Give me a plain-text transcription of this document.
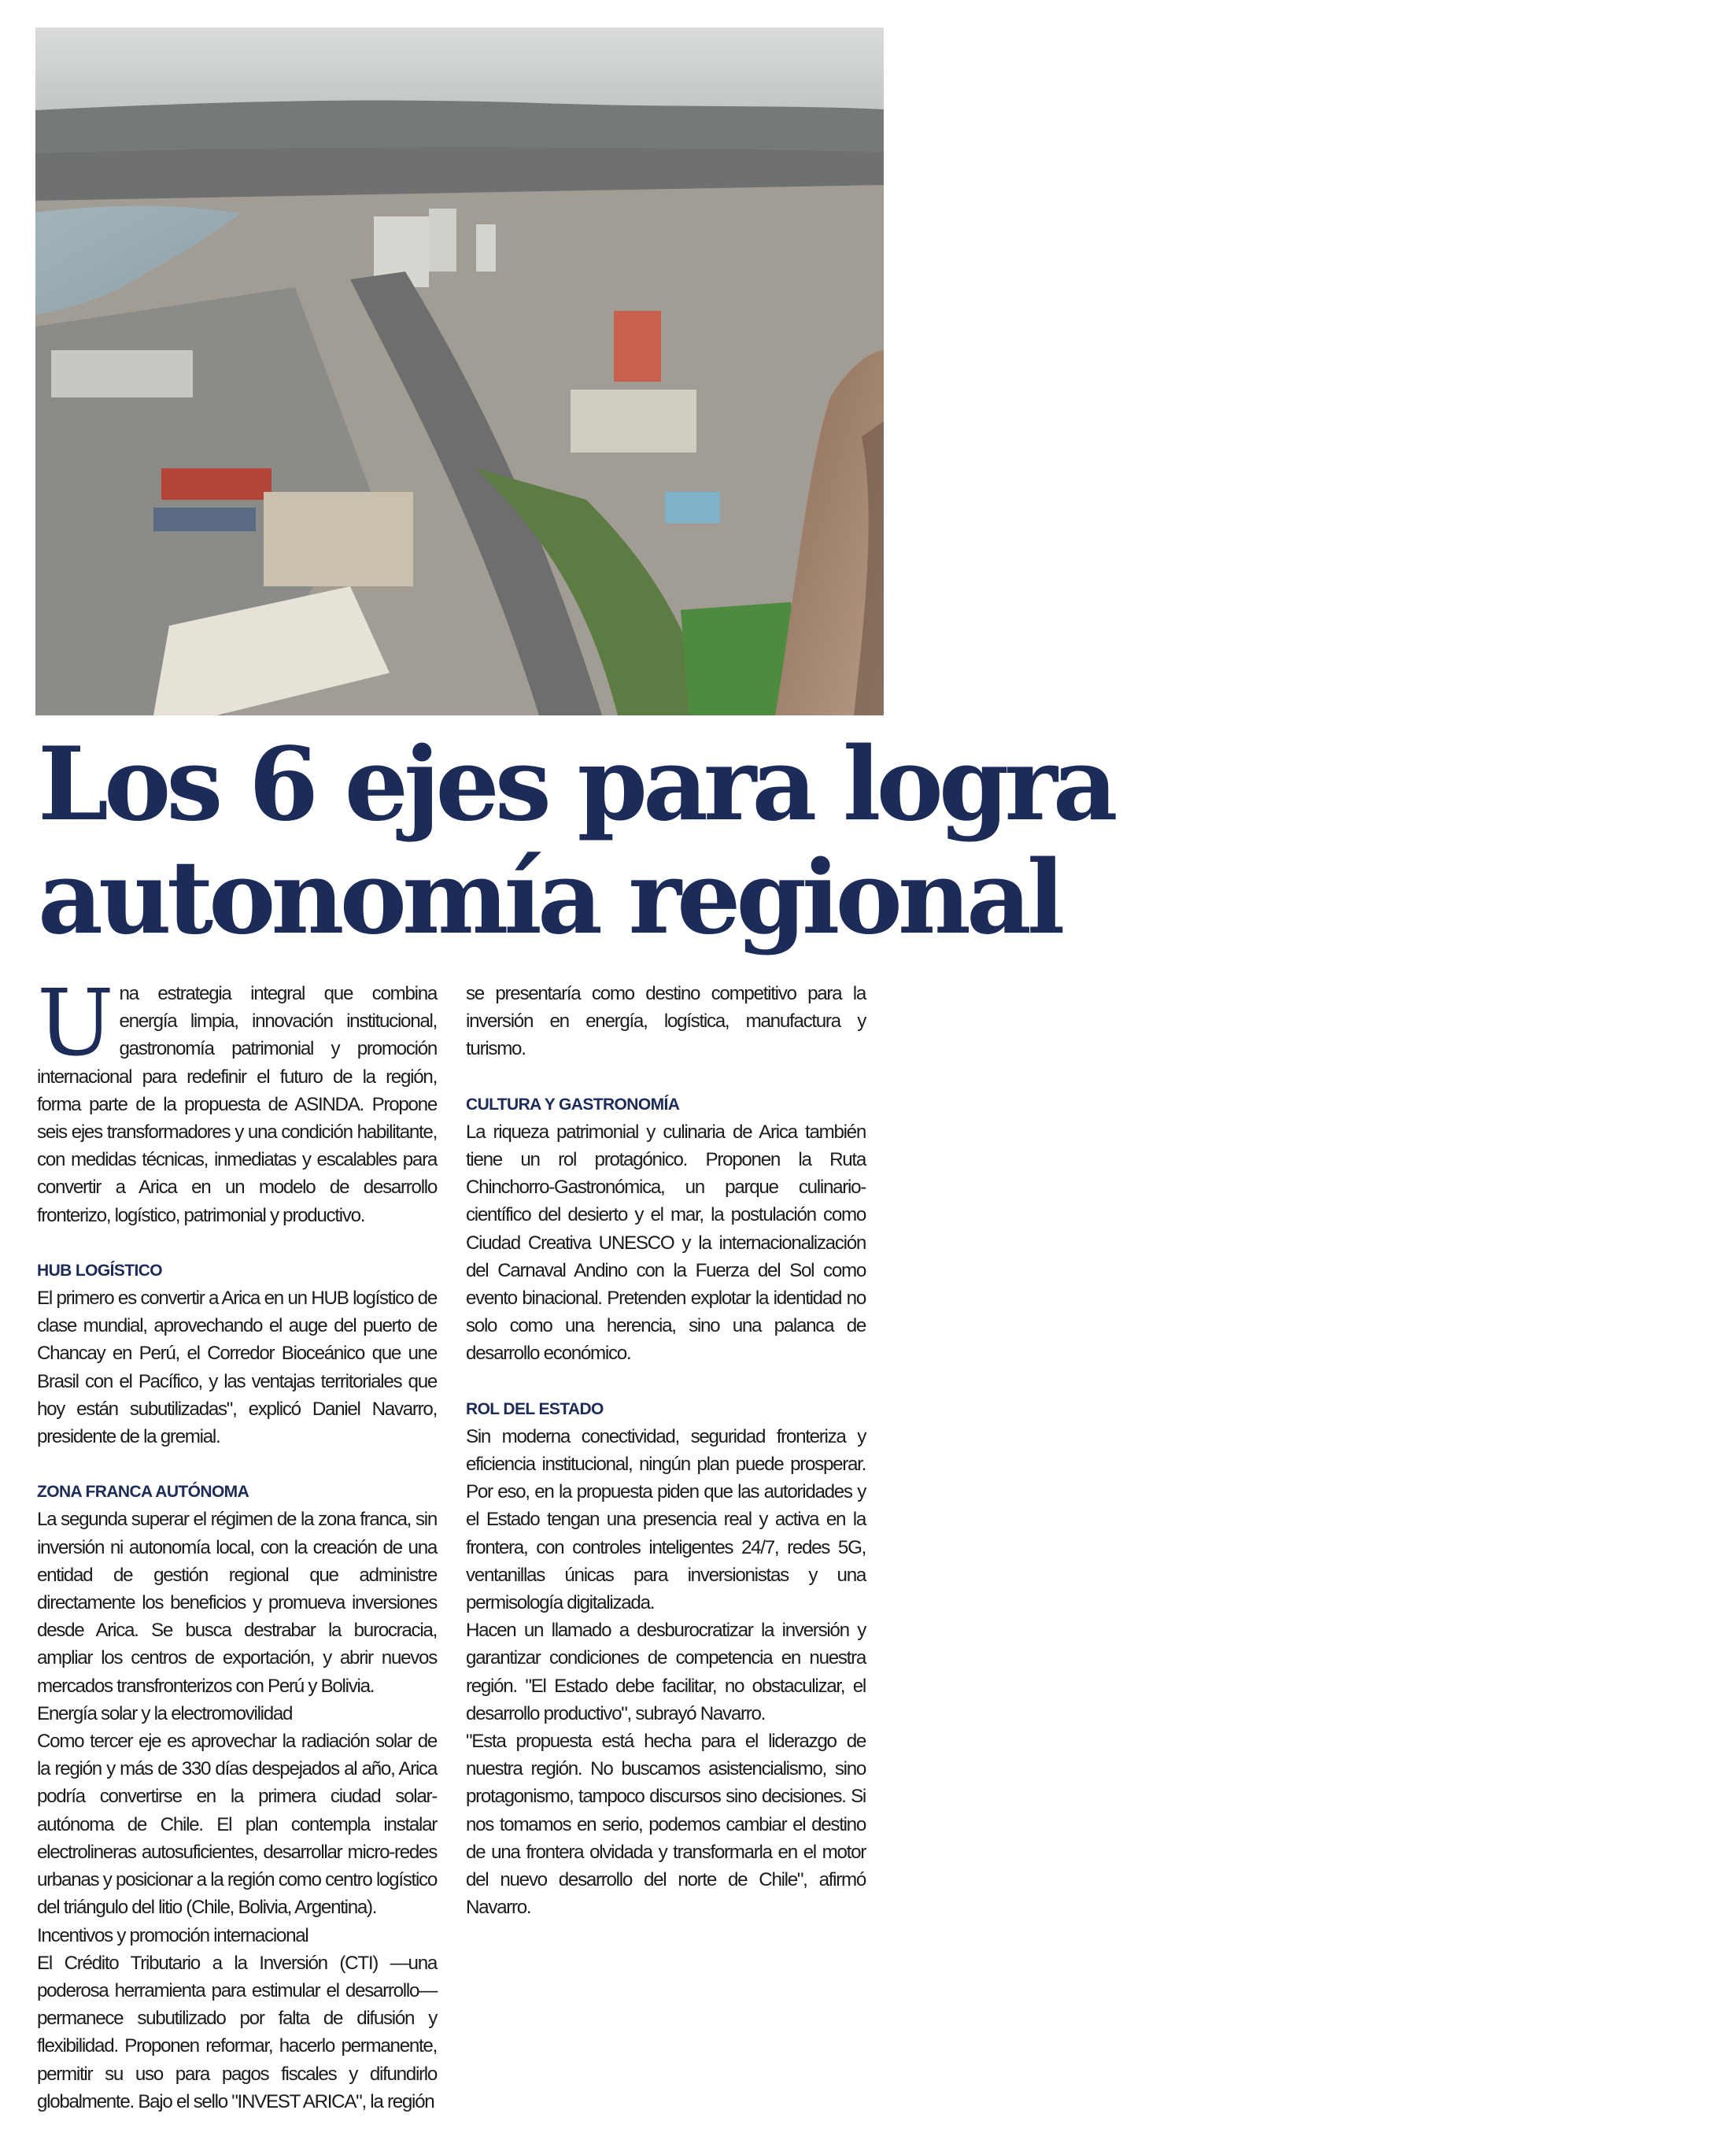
Los 6 ejes para logra
autonomía regional

Una estrategia integral que combina energía limpia, innovación institucional, gastronomía patrimonial y promoción internacional para redefinir el futuro de la región, forma parte de la propuesta de ASINDA. Propone seis ejes transformadores y una condición habilitante, con medidas técnicas, inmediatas y escalables para convertir a Arica en un modelo de desarrollo fronterizo, logístico, patrimonial y productivo.

HUB LOGÍSTICO

El primero es convertir a Arica en un HUB logístico de clase mundial, aprovechando el auge del puerto de Chancay en Perú, el Corredor Bioceánico que une Brasil con el Pacífico, y las ventajas territoriales que hoy están subutilizadas", explicó Daniel Navarro, presidente de la gremial.

ZONA FRANCA AUTÓNOMA

La segunda superar el régimen de la zona franca, sin inversión ni autonomía local, con la creación de una entidad de gestión regional que administre directamente los beneficios y promueva inversiones desde Arica. Se busca destrabar la burocracia, ampliar los centros de exportación, y abrir nuevos mercados transfronterizos con Perú y Bolivia.

Energía solar y la electromovilidad

Como tercer eje es aprovechar la radiación solar de la región y más de 330 días despejados al año, Arica podría convertirse en la primera ciudad solar-autónoma de Chile. El plan contempla instalar electrolineras autosuficientes, desarrollar micro-redes urbanas y posicionar a la región como centro logístico del triángulo del litio (Chile, Bolivia, Argentina).

Incentivos y promoción internacional

El Crédito Tributario a la Inversión (CTI) —una poderosa herramienta para estimular el desarrollo— permanece subutilizado por falta de difusión y flexibilidad. Proponen reformar, hacerlo permanente, permitir su uso para pagos fiscales y difundirlo globalmente. Bajo el sello "INVEST ARICA", la región

se presentaría como destino competitivo para la inversión en energía, logística, manufactura y turismo.

CULTURA Y GASTRONOMÍA

La riqueza patrimonial y culinaria de Arica también tiene un rol protagónico. Proponen la Ruta Chinchorro-Gastronómica, un parque culinario-científico del desierto y el mar, la postulación como Ciudad Creativa UNESCO y la internacionalización del Carnaval Andino con la Fuerza del Sol como evento binacional. Pretenden explotar la identidad no solo como una herencia, sino una palanca de desarrollo económico.

ROL DEL ESTADO

Sin moderna conectividad, seguridad fronteriza y eficiencia institucional, ningún plan puede prosperar. Por eso, en la propuesta piden que las autoridades y el Estado tengan una presencia real y activa en la frontera, con controles inteligentes 24/7, redes 5G, ventanillas únicas para inversionistas y una permisología digitalizada.

Hacen un llamado a desburocratizar la inversión y garantizar condiciones de competencia en nuestra región. "El Estado debe facilitar, no obstaculizar, el desarrollo productivo", subrayó Navarro.

"Esta propuesta está hecha para el liderazgo de nuestra región. No buscamos asistencialismo, sino protagonismo, tampoco discursos sino decisiones. Si nos tomamos en serio, podemos cambiar el destino de una frontera olvidada y transformarla en el motor del nuevo desarrollo del norte de Chile", afirmó Navarro.
